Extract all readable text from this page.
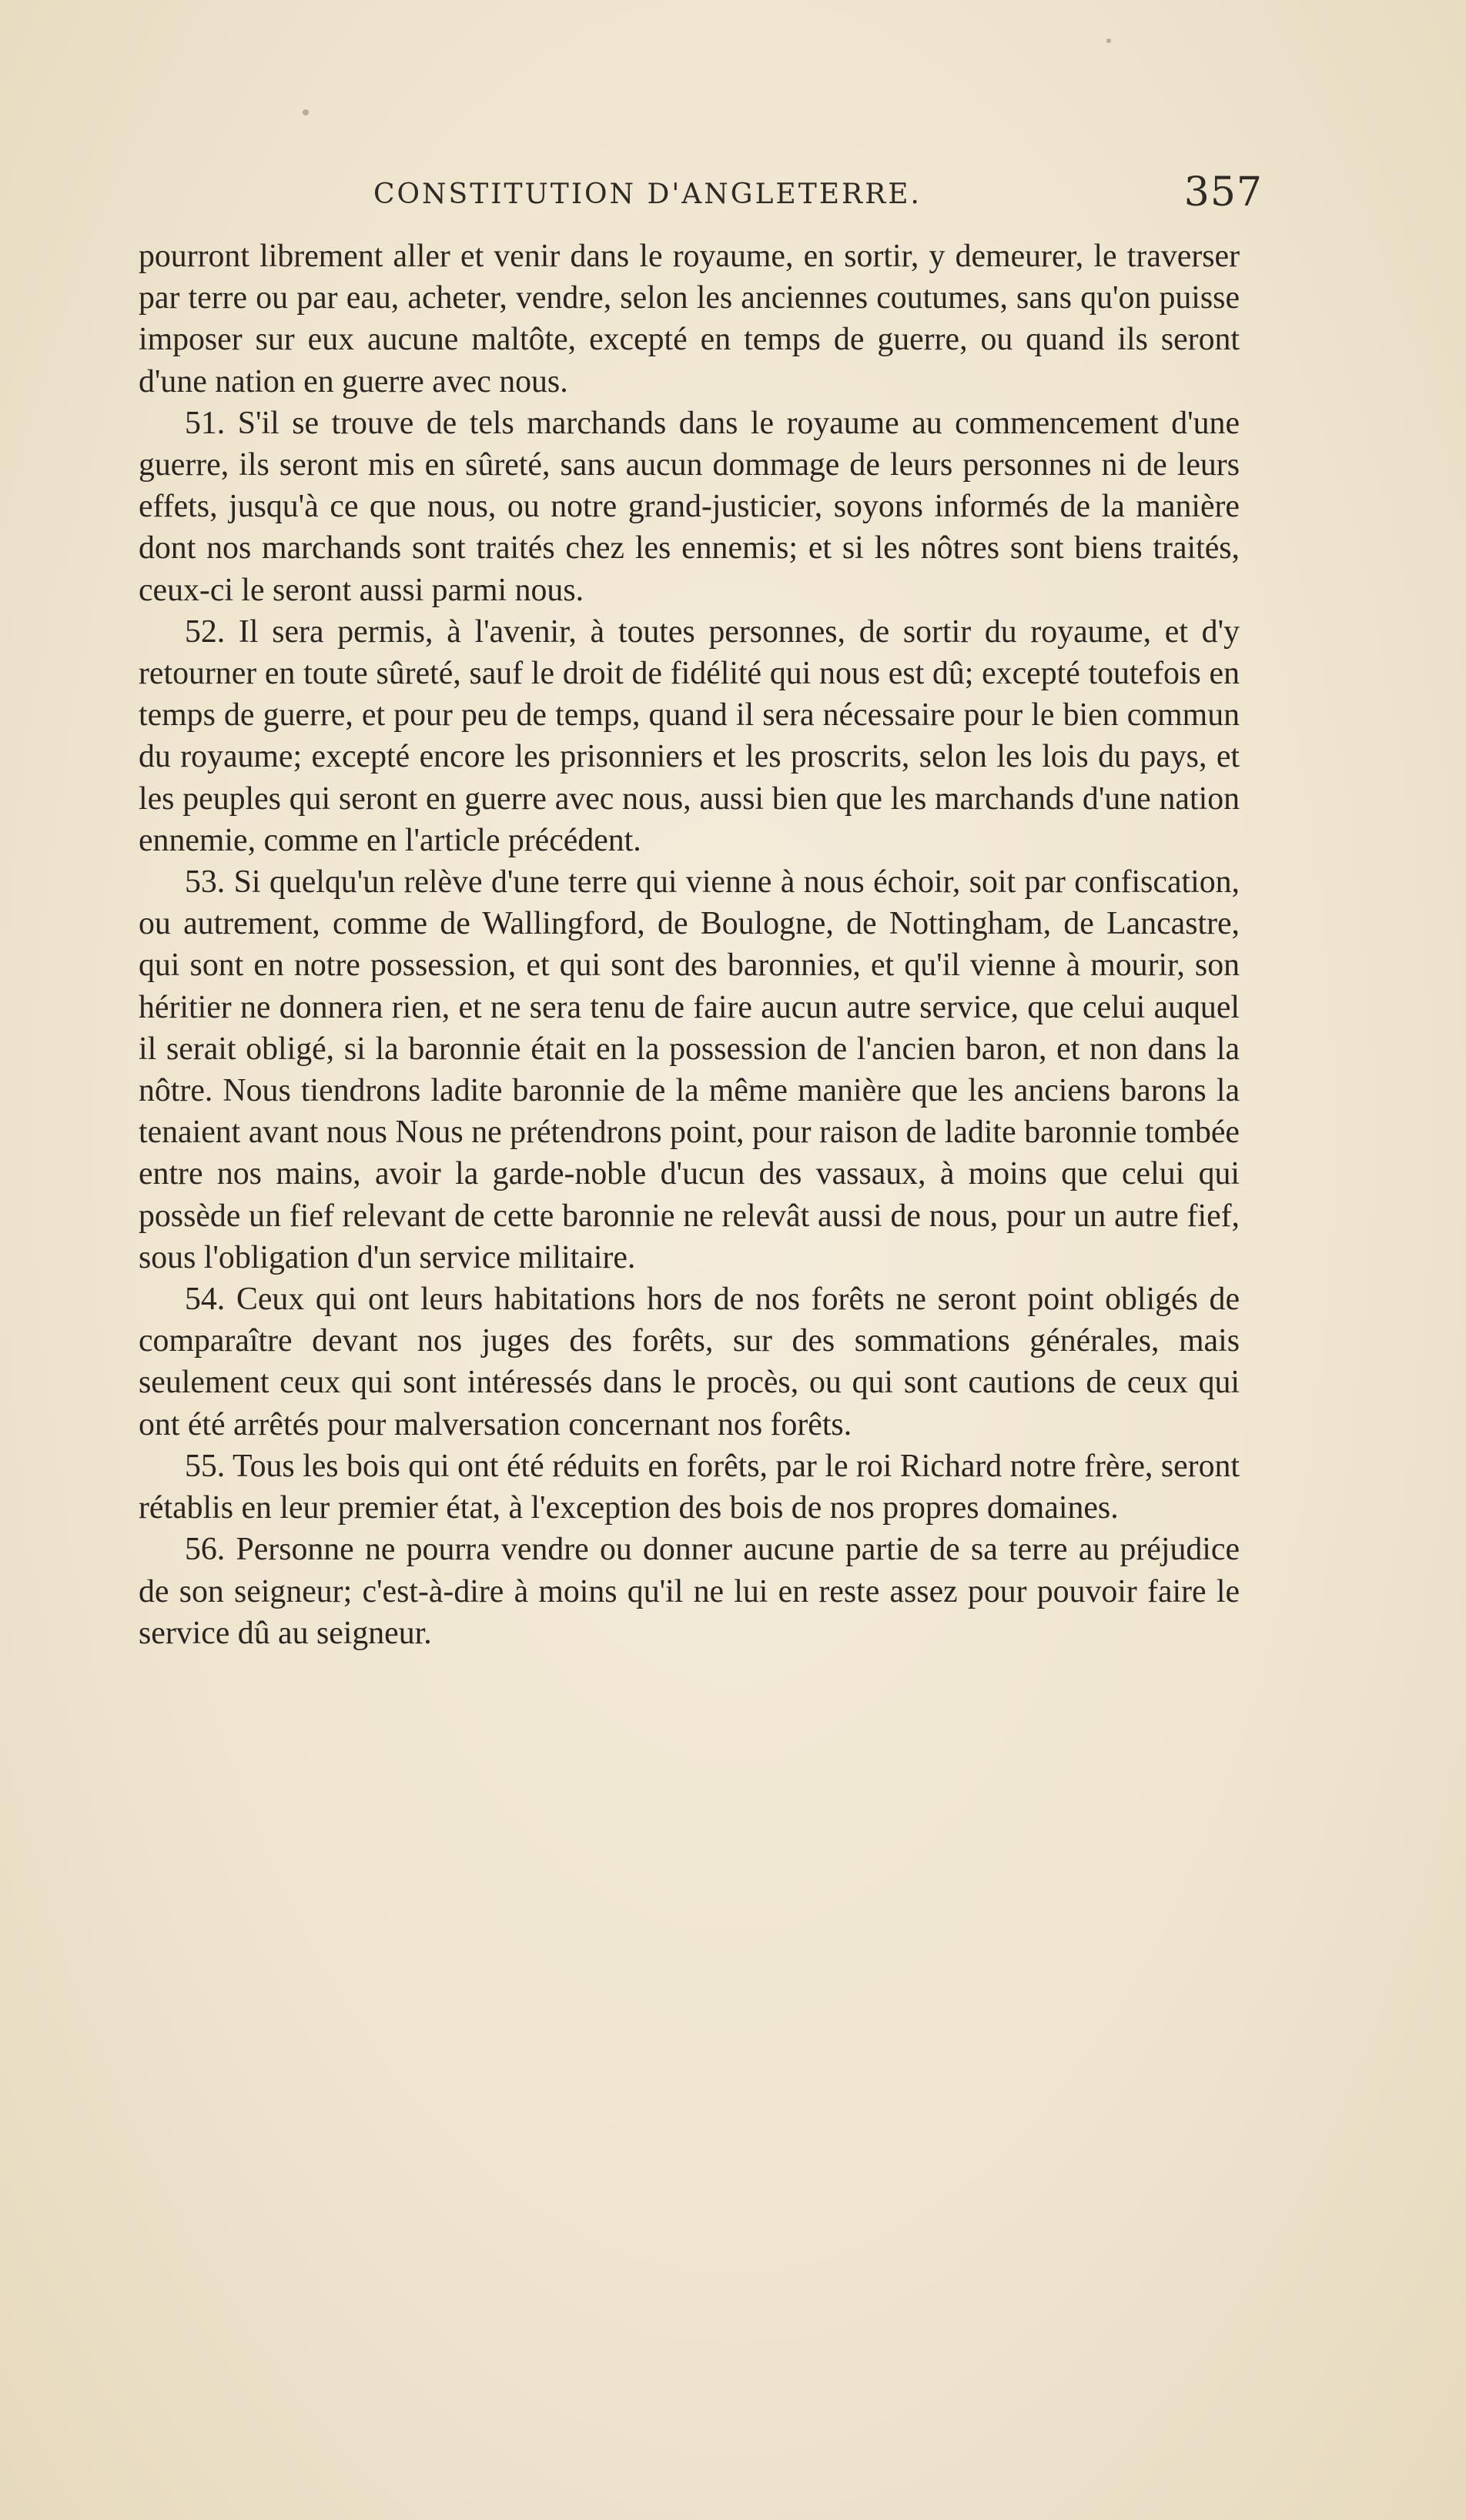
CONSTITUTION D'ANGLETERRE.	357

pourront librement aller et venir dans le royaume, en sortir, y demeurer, le traverser par terre ou par eau, acheter, vendre, selon les anciennes coutumes, sans qu'on puisse imposer sur eux aucune maltôte, excepté en temps de guerre, ou quand ils seront d'une nation en guerre avec nous.

51. S'il se trouve de tels marchands dans le royaume au commencement d'une guerre, ils seront mis en sûreté, sans aucun dommage de leurs personnes ni de leurs effets, jusqu'à ce que nous, ou notre grand-justicier, soyons informés de la manière dont nos marchands sont traités chez les ennemis; et si les nôtres sont biens traités, ceux-ci le seront aussi parmi nous.

52. Il sera permis, à l'avenir, à toutes personnes, de sortir du royaume, et d'y retourner en toute sûreté, sauf le droit de fidélité qui nous est dû; excepté toutefois en temps de guerre, et pour peu de temps, quand il sera nécessaire pour le bien commun du royaume; excepté encore les prisonniers et les proscrits, selon les lois du pays, et les peuples qui seront en guerre avec nous, aussi bien que les marchands d'une nation ennemie, comme en l'article précédent.

53. Si quelqu'un relève d'une terre qui vienne à nous échoir, soit par confiscation, ou autrement, comme de Wallingford, de Boulogne, de Nottingham, de Lancastre, qui sont en notre possession, et qui sont des baronnies, et qu'il vienne à mourir, son héritier ne donnera rien, et ne sera tenu de faire aucun autre service, que celui auquel il serait obligé, si la baronnie était en la possession de l'ancien baron, et non dans la nôtre. Nous tiendrons ladite baronnie de la même manière que les anciens barons la tenaient avant nous Nous ne prétendrons point, pour raison de ladite baronnie tombée entre nos mains, avoir la garde-noble d'ucun des vassaux, à moins que celui qui possède un fief relevant de cette baronnie ne relevât aussi de nous, pour un autre fief, sous l'obligation d'un service militaire.

54. Ceux qui ont leurs habitations hors de nos forêts ne seront point obligés de comparaître devant nos juges des forêts, sur des sommations générales, mais seulement ceux qui sont intéressés dans le procès, ou qui sont cautions de ceux qui ont été arrêtés pour malversation concernant nos forêts.

55. Tous les bois qui ont été réduits en forêts, par le roi Richard notre frère, seront rétablis en leur premier état, à l'exception des bois de nos propres domaines.

56. Personne ne pourra vendre ou donner aucune partie de sa terre au préjudice de son seigneur; c'est-à-dire à moins qu'il ne lui en reste assez pour pouvoir faire le service dû au seigneur.
